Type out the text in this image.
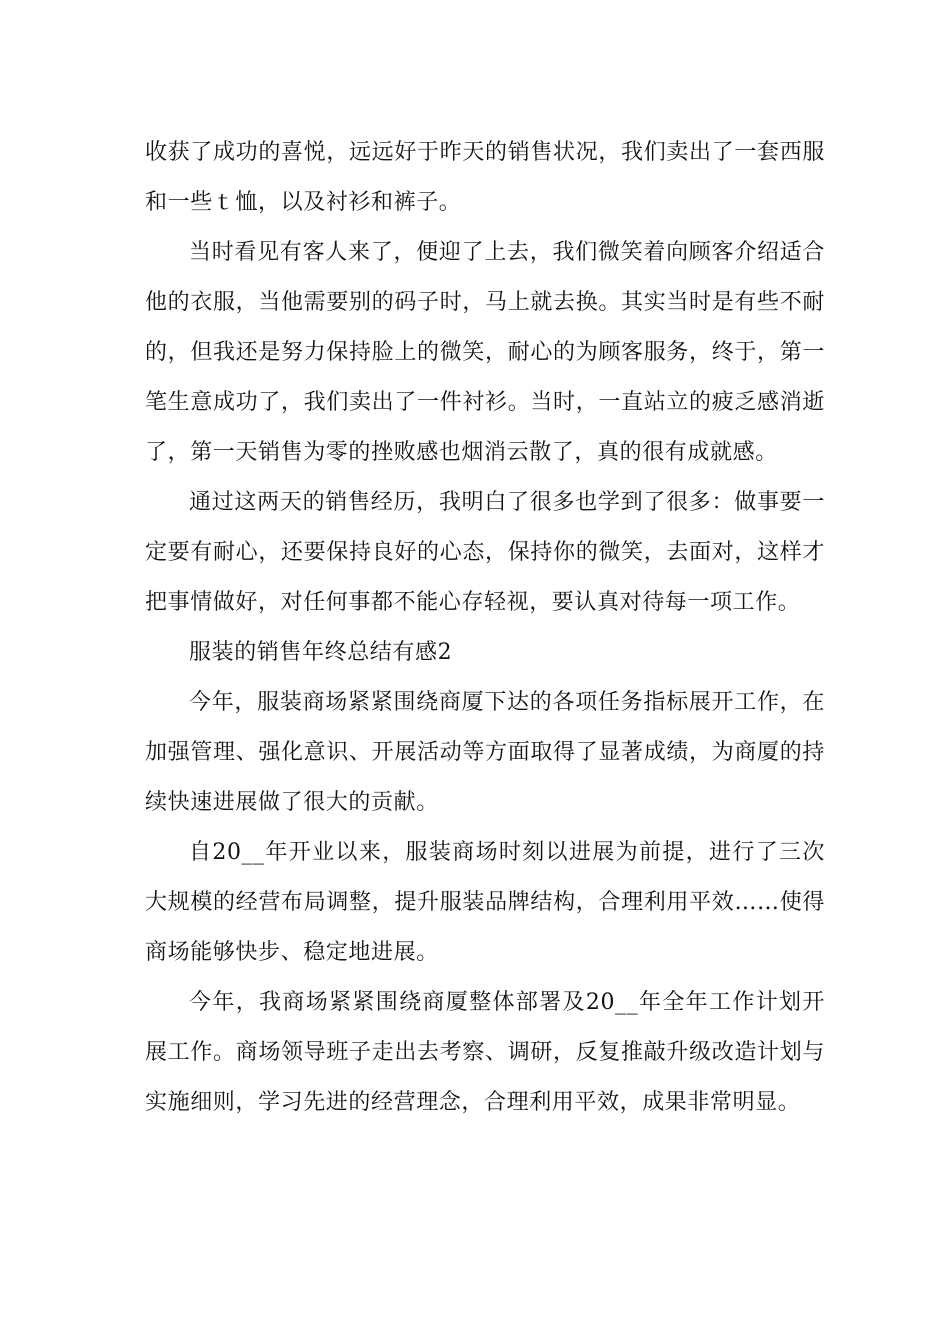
收获了成功的喜悦，远远好于昨天的销售状况，我们卖出了一套西服和一些ｔ恤，以及衬衫和裤子。

当时看见有客人来了，便迎了上去，我们微笑着向顾客介绍适合他的衣服，当他需要别的码子时，马上就去换。其实当时是有些不耐的，但我还是努力保持脸上的微笑，耐心的为顾客服务，终于，第一笔生意成功了，我们卖出了一件衬衫。当时，一直站立的疲乏感消逝了，第一天销售为零的挫败感也烟消云散了，真的很有成就感。

通过这两天的销售经历，我明白了很多也学到了很多：做事要一定要有耐心，还要保持良好的心态，保持你的微笑，去面对，这样才把事情做好，对任何事都不能心存轻视，要认真对待每一项工作。

服装的销售年终总结有感2

今年，服装商场紧紧围绕商厦下达的各项任务指标展开工作，在加强管理、强化意识、开展活动等方面取得了显著成绩，为商厦的持续快速进展做了很大的贡献。

自20__年开业以来，服装商场时刻以进展为前提，进行了三次大规模的经营布局调整，提升服装品牌结构，合理利用平效……使得商场能够快步、稳定地进展。

今年，我商场紧紧围绕商厦整体部署及20__年全年工作计划开展工作。商场领导班子走出去考察、调研，反复推敲升级改造计划与实施细则，学习先进的经营理念，合理利用平效，成果非常明显。
